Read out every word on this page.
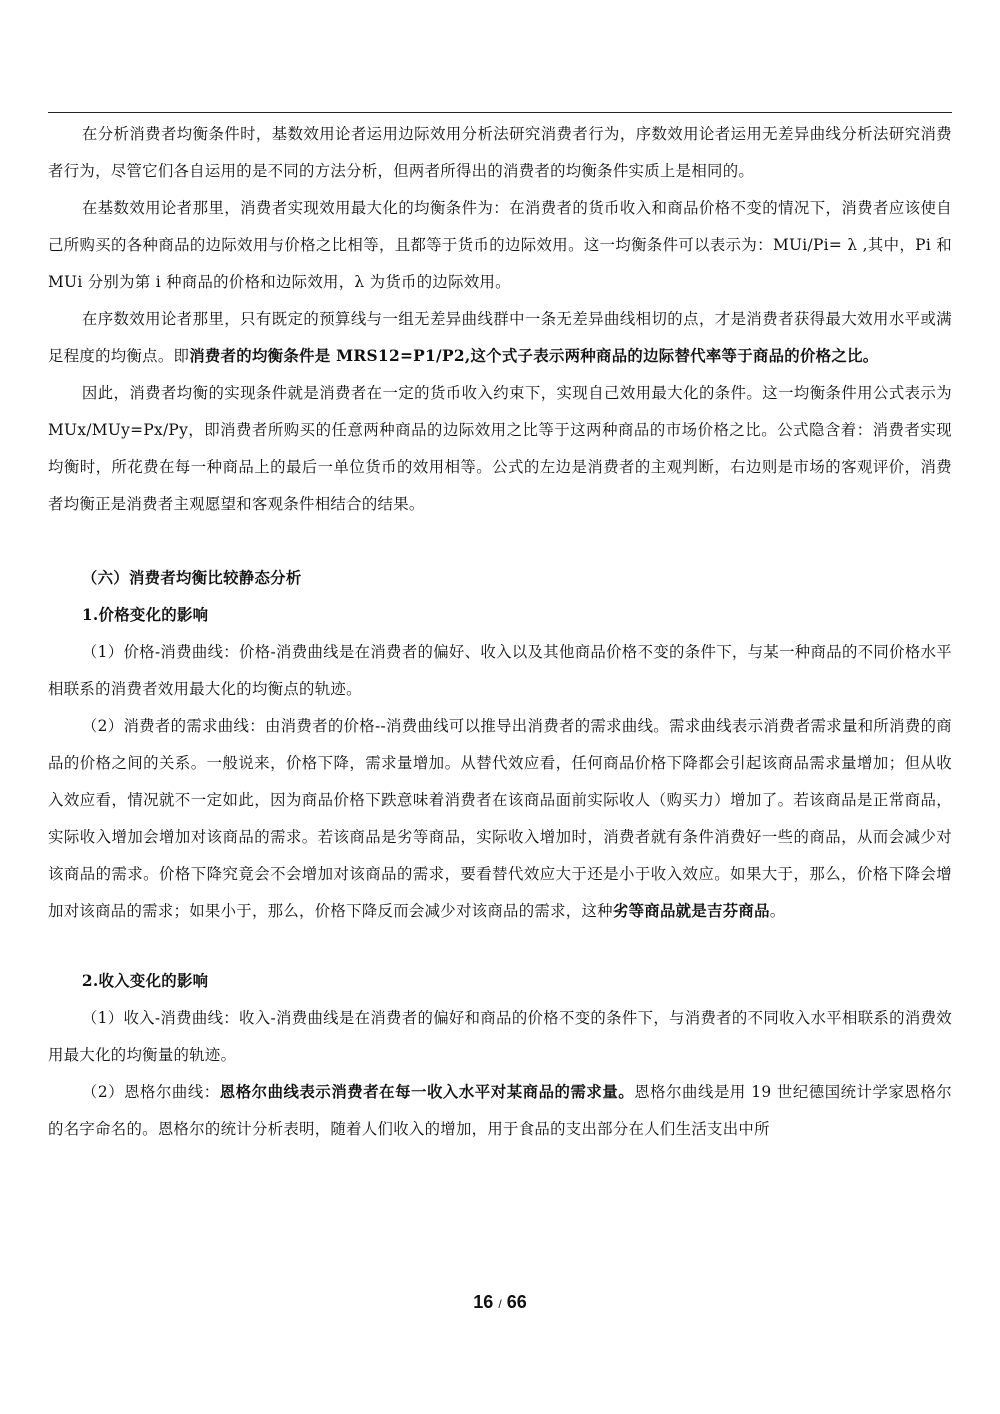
在分析消费者均衡条件时，基数效用论者运用边际效用分析法研究消费者行为，序数效用论者运用无差异曲线分析法研究消费者行为，尽管它们各自运用的是不同的方法分析，但两者所得出的消费者的均衡条件实质上是相同的。

在基数效用论者那里，消费者实现效用最大化的均衡条件为：在消费者的货币收入和商品价格不变的情况下，消费者应该使自己所购买的各种商品的边际效用与价格之比相等，且都等于货币的边际效用。这一均衡条件可以表示为：MUi/Pi= λ ,其中，Pi 和 MUi 分别为第 i 种商品的价格和边际效用，λ 为货币的边际效用。

在序数效用论者那里，只有既定的预算线与一组无差异曲线群中一条无差异曲线相切的点，才是消费者获得最大效用水平或满足程度的均衡点。即消费者的均衡条件是 MRS12=P1/P2,这个式子表示两种商品的边际替代率等于商品的价格之比。

因此，消费者均衡的实现条件就是消费者在一定的货币收入约束下，实现自己效用最大化的条件。这一均衡条件用公式表示为 MUx/MUy=Px/Py，即消费者所购买的任意两种商品的边际效用之比等于这两种商品的市场价格之比。公式隐含着：消费者实现均衡时，所花费在每一种商品上的最后一单位货币的效用相等。公式的左边是消费者的主观判断，右边则是市场的客观评价，消费者均衡正是消费者主观愿望和客观条件相结合的结果。

（六）消费者均衡比较静态分析

1.价格变化的影响

（1）价格-消费曲线：价格-消费曲线是在消费者的偏好、收入以及其他商品价格不变的条件下，与某一种商品的不同价格水平相联系的消费者效用最大化的均衡点的轨迹。

（2）消费者的需求曲线：由消费者的价格--消费曲线可以推导出消费者的需求曲线。需求曲线表示消费者需求量和所消费的商品的价格之间的关系。一般说来，价格下降，需求量增加。从替代效应看，任何商品价格下降都会引起该商品需求量增加；但从收入效应看，情况就不一定如此，因为商品价格下跌意味着消费者在该商品面前实际收人（购买力）增加了。若该商品是正常商品，实际收入增加会增加对该商品的需求。若该商品是劣等商品，实际收入增加时，消费者就有条件消费好一些的商品，从而会减少对该商品的需求。价格下降究竟会不会增加对该商品的需求，要看替代效应大于还是小于收入效应。如果大于，那么，价格下降会增加对该商品的需求；如果小于，那么，价格下降反而会减少对该商品的需求，这种劣等商品就是吉芬商品。

2.收入变化的影响

（1）收入-消费曲线：收入-消费曲线是在消费者的偏好和商品的价格不变的条件下，与消费者的不同收入水平相联系的消费效用最大化的均衡量的轨迹。

（2）恩格尔曲线：恩格尔曲线表示消费者在每一收入水平对某商品的需求量。恩格尔曲线是用 19 世纪德国统计学家恩格尔的名字命名的。恩格尔的统计分析表明，随着人们收入的增加，用于食品的支出部分在人们生活支出中所

16 / 66
